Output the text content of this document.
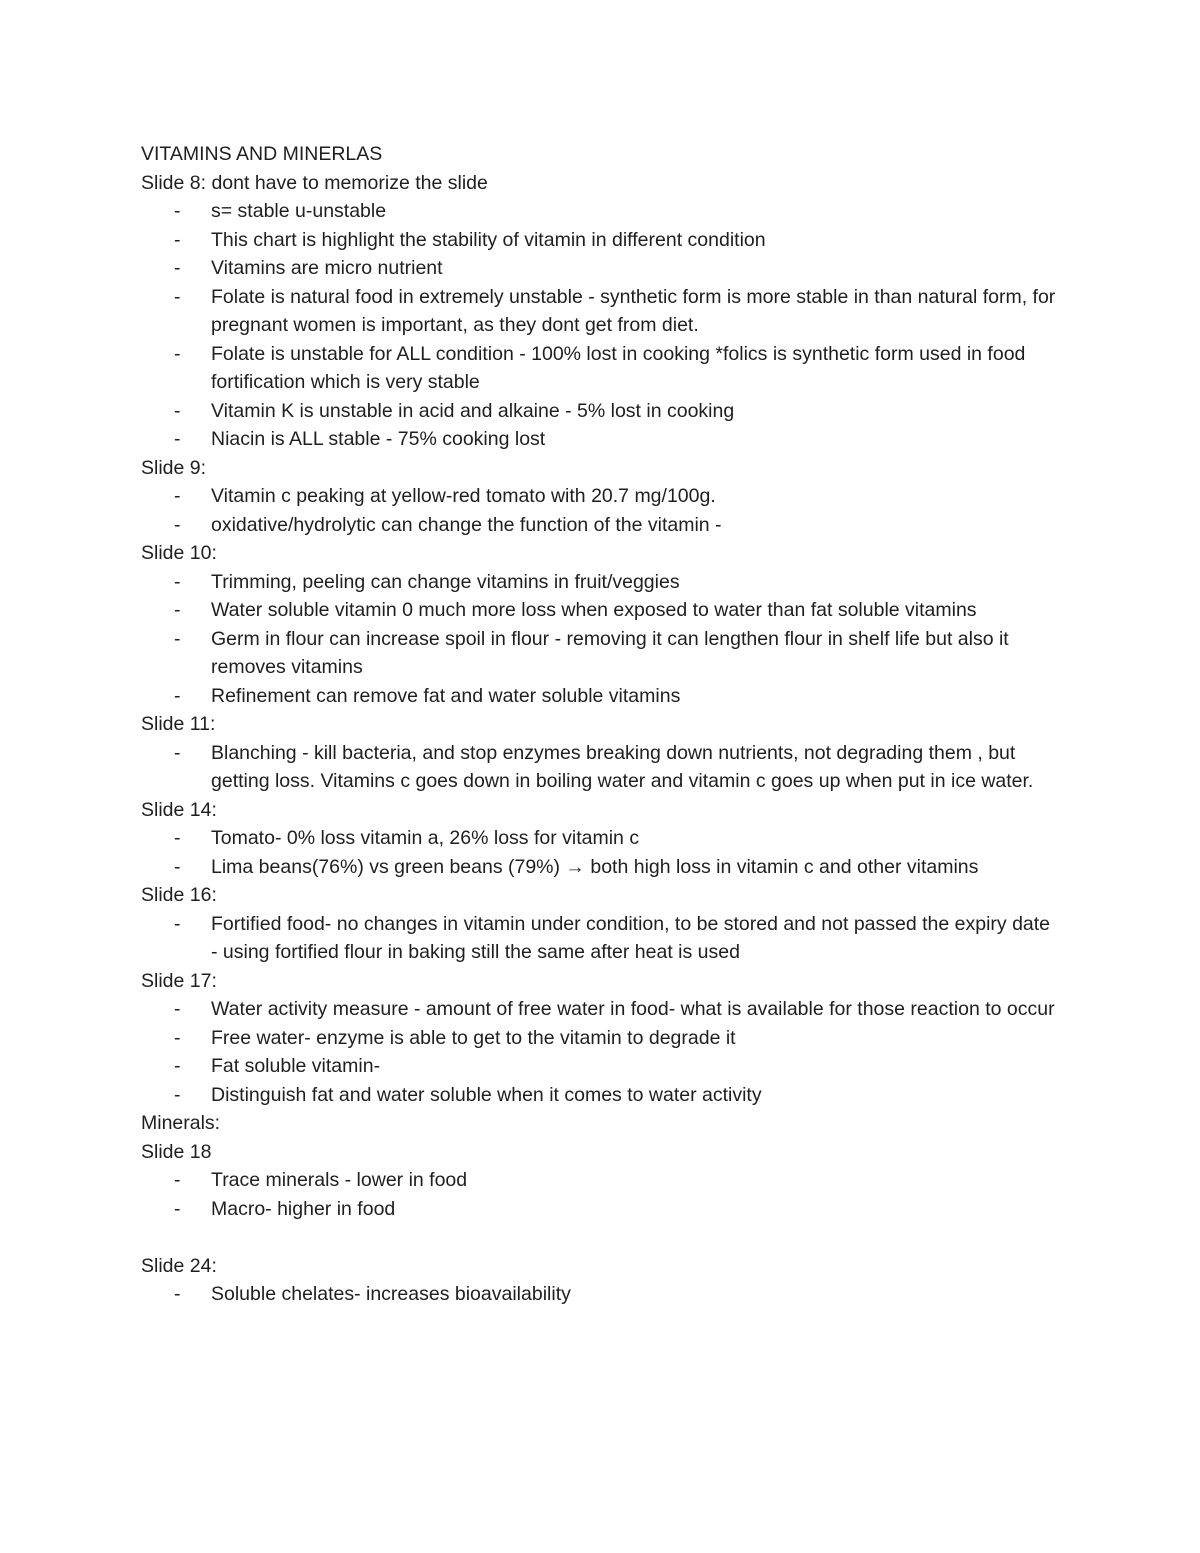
VITAMINS AND MINERLAS
Slide 8: dont have to memorize the slide
- s= stable u-unstable
- This chart is highlight the stability of vitamin in different condition
- Vitamins are micro nutrient
- Folate is natural food in extremely unstable - synthetic form is more stable in than natural form, for pregnant women is important, as they dont get from diet.
- Folate is unstable for ALL condition - 100% lost in cooking *folics is synthetic form used in food fortification which is very stable
- Vitamin K is unstable in acid and alkaine - 5% lost in cooking
- Niacin is ALL stable - 75% cooking lost
Slide 9:
- Vitamin c peaking at yellow-red tomato with 20.7 mg/100g.
- oxidative/hydrolytic can change the function of the vitamin -
Slide 10:
- Trimming, peeling can change vitamins in fruit/veggies
- Water soluble vitamin 0 much more loss when exposed to water than fat soluble vitamins
- Germ in flour can increase spoil in flour - removing it can lengthen flour in shelf life but also it removes vitamins
- Refinement can remove fat and water soluble vitamins
Slide 11:
- Blanching - kill bacteria, and stop enzymes breaking down nutrients, not degrading them , but getting loss. Vitamins c goes down in boiling water and vitamin c goes up when put in ice water.
Slide 14:
- Tomato- 0% loss vitamin a, 26% loss for vitamin c
- Lima beans(76%) vs green beans (79%) → both high loss in vitamin c and other vitamins
Slide 16:
- Fortified food- no changes in vitamin under condition, to be stored and not passed the expiry date - using fortified flour in baking still the same after heat is used
Slide 17:
- Water activity measure - amount of free water in food- what is available for those reaction to occur
- Free water- enzyme is able to get to the vitamin to degrade it
- Fat soluble vitamin-
- Distinguish fat and water soluble when it comes to water activity
Minerals:
Slide 18
- Trace minerals - lower in food
- Macro- higher in food
Slide 24:
- Soluble chelates- increases bioavailability
